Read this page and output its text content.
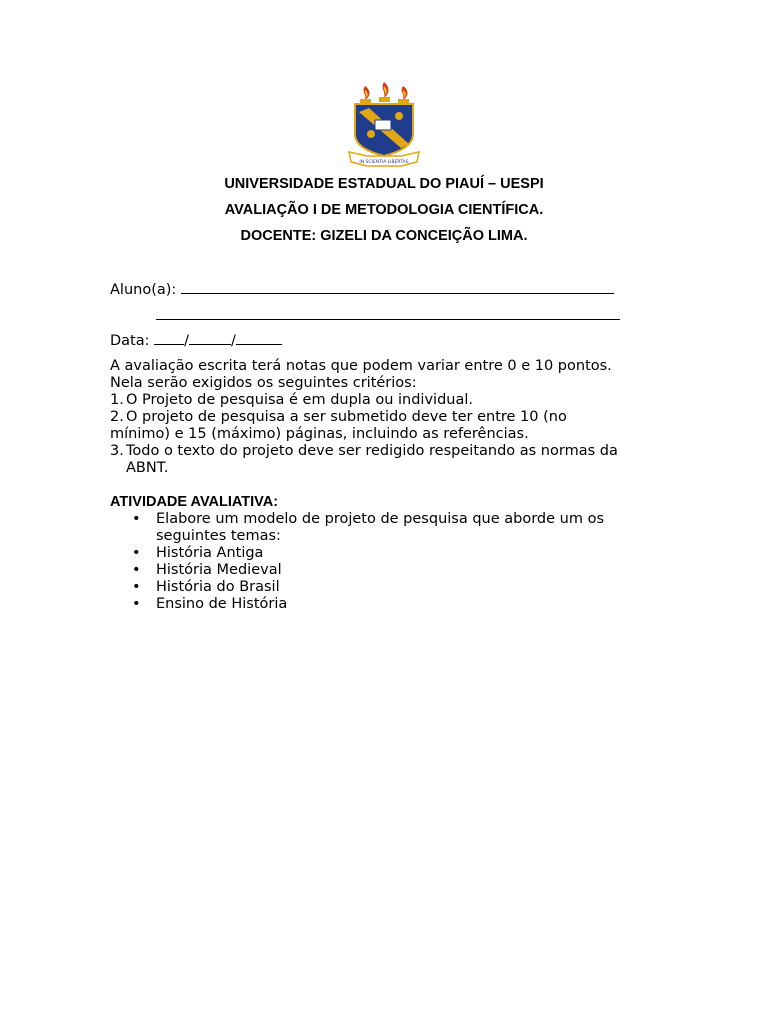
IN SCIENTIA LIBERTAS
UNIVERSIDADE ESTADUAL DO PIAUÍ – UESPI
AVALIAÇÃO I DE METODOLOGIA CIENTÍFICA.
DOCENTE: GIZELI DA CONCEIÇÃO LIMA.
Aluno(a):
Data: /	/
A avaliação escrita terá notas que podem variar entre 0 e 10 pontos.
Nela serão exigidos os seguintes critérios:
1. O Projeto de pesquisa é em dupla ou individual.
2. O projeto de pesquisa a ser submetido deve ter entre 10 (no
mínimo) e 15 (máximo) páginas, incluindo as referências.
3. Todo o texto do projeto deve ser redigido respeitando as normas da
ABNT.
ATIVIDADE AVALIATIVA:
• Elabore um modelo de projeto de pesquisa que aborde um os seguintes temas:
• História Antiga
• História Medieval
• História do Brasil
• Ensino de História
